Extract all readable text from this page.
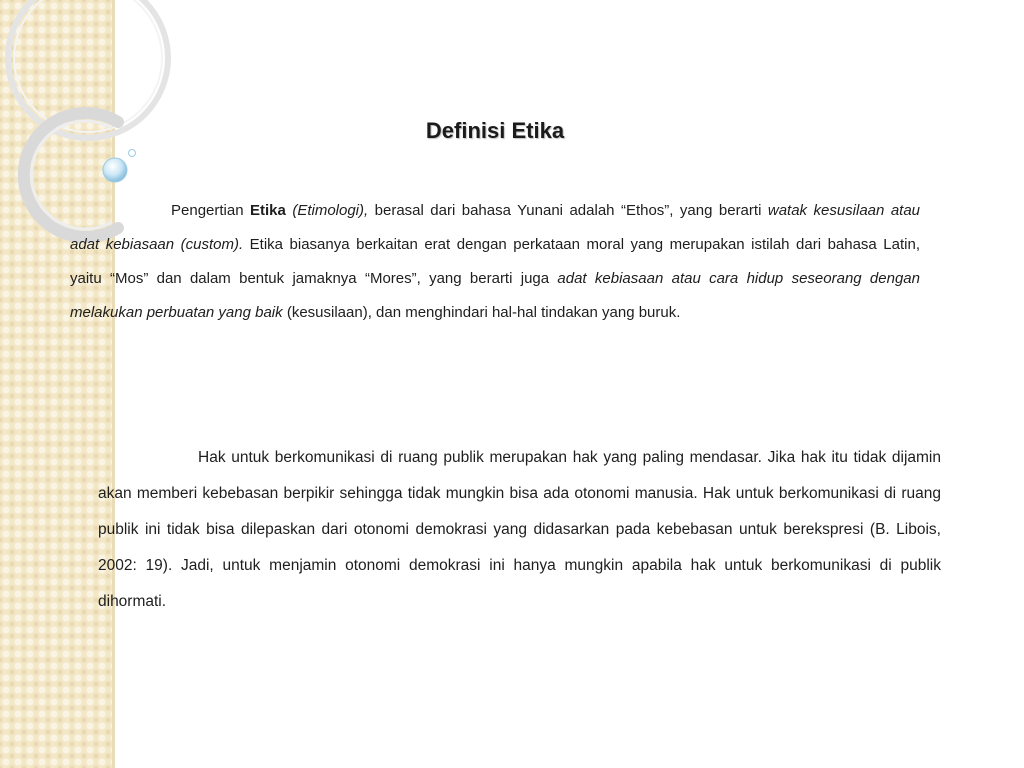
Definisi Etika

Pengertian Etika (Etimologi), berasal dari bahasa Yunani adalah “Ethos”, yang berarti watak kesusilaan atau adat kebiasaan (custom). Etika biasanya berkaitan erat dengan perkataan moral yang merupakan istilah dari bahasa Latin, yaitu “Mos” dan dalam bentuk jamaknya “Mores”, yang berarti juga adat kebiasaan atau cara hidup seseorang dengan melakukan perbuatan yang baik (kesusilaan), dan menghindari hal-hal tindakan yang buruk.

Hak untuk berkomunikasi di ruang publik merupakan hak yang paling mendasar. Jika hak itu tidak dijamin akan memberi kebebasan berpikir sehingga tidak mungkin bisa ada otonomi manusia. Hak untuk berkomunikasi di ruang publik ini tidak bisa dilepaskan dari otonomi demokrasi yang didasarkan pada kebebasan untuk berekspresi (B. Libois, 2002: 19). Jadi, untuk menjamin otonomi demokrasi ini hanya mungkin apabila hak untuk berkomunikasi di publik dihormati.
